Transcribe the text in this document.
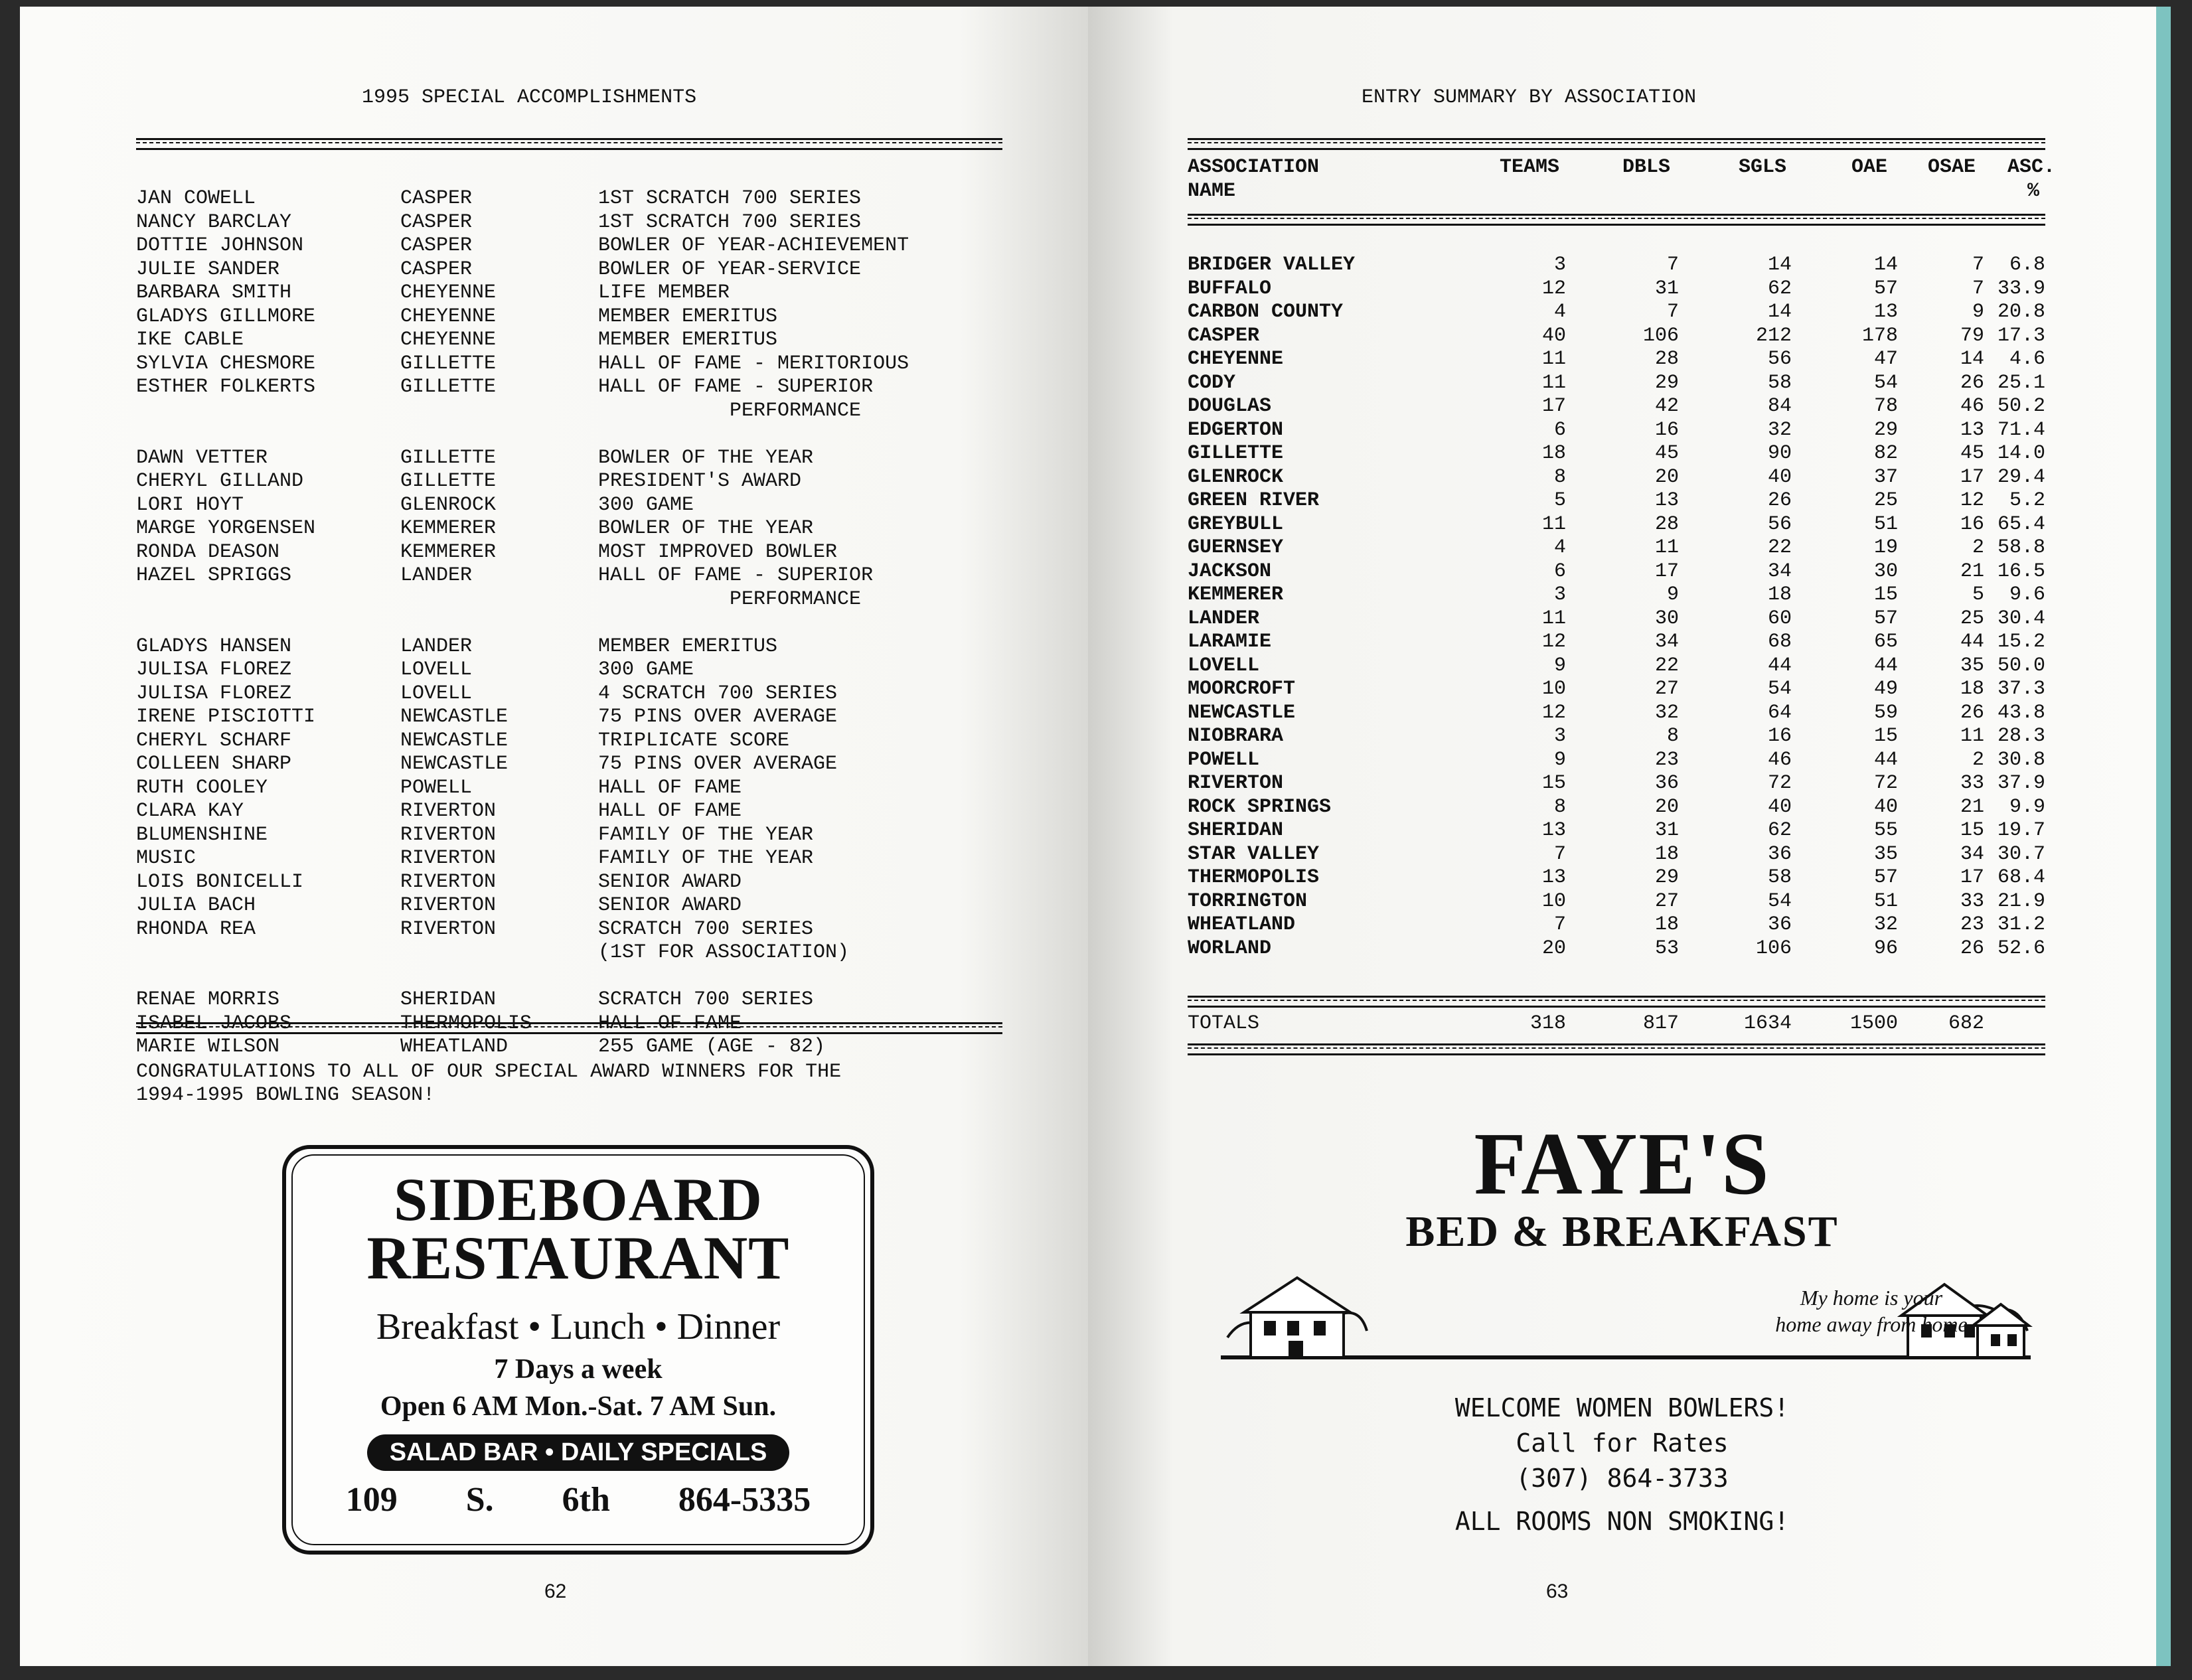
1995 SPECIAL ACCOMPLISHMENTS
JAN COWELL	CASPER	1ST SCRATCH 700 SERIES
NANCY BARCLAY	CASPER	1ST SCRATCH 700 SERIES
DOTTIE JOHNSON	CASPER	BOWLER OF YEAR-ACHIEVEMENT
JULIE SANDER	CASPER	BOWLER OF YEAR-SERVICE
BARBARA SMITH	CHEYENNE	LIFE MEMBER
GLADYS GILLMORE	CHEYENNE	MEMBER EMERITUS
IKE CABLE	CHEYENNE	MEMBER EMERITUS
SYLVIA CHESMORE	GILLETTE	HALL OF FAME - MERITORIOUS
ESTHER FOLKERTS	GILLETTE	HALL OF FAME - SUPERIOR
PERFORMANCE
DAWN VETTER	GILLETTE	BOWLER OF THE YEAR
CHERYL GILLAND	GILLETTE	PRESIDENT'S AWARD
LORI HOYT	GLENROCK	300 GAME
MARGE YORGENSEN	KEMMERER	BOWLER OF THE YEAR
RONDA DEASON	KEMMERER	MOST IMPROVED BOWLER
HAZEL SPRIGGS	LANDER	HALL OF FAME - SUPERIOR
PERFORMANCE
GLADYS HANSEN	LANDER	MEMBER EMERITUS
JULISA FLOREZ	LOVELL	300 GAME
JULISA FLOREZ	LOVELL	4 SCRATCH 700 SERIES
IRENE PISCIOTTI	NEWCASTLE	75 PINS OVER AVERAGE
CHERYL SCHARF	NEWCASTLE	TRIPLICATE SCORE
COLLEEN SHARP	NEWCASTLE	75 PINS OVER AVERAGE
RUTH COOLEY	POWELL	HALL OF FAME
CLARA KAY	RIVERTON	HALL OF FAME
BLUMENSHINE	RIVERTON	FAMILY OF THE YEAR
MUSIC	RIVERTON	FAMILY OF THE YEAR
LOIS BONICELLI	RIVERTON	SENIOR AWARD
JULIA BACH	RIVERTON	SENIOR AWARD
RHONDA REA	RIVERTON	SCRATCH 700 SERIES
(1ST FOR ASSOCIATION)
RENAE MORRIS	SHERIDAN	SCRATCH 700 SERIES
ISABEL JACOBS	THERMOPOLIS	HALL OF FAME
MARIE WILSON	WHEATLAND	255 GAME (AGE - 82)
CONGRATULATIONS TO ALL OF OUR SPECIAL AWARD WINNERS FOR THE
1994-1995 BOWLING SEASON!
SIDEBOARD
RESTAURANT
Breakfast • Lunch • Dinner
7 Days a week
Open 6 AM Mon.-Sat. 7 AM Sun.
SALAD BAR • DAILY SPECIALS
109 S. 6th 864-5335
62
ENTRY SUMMARY BY ASSOCIATION
ASSOCIATION
NAME
TEAMS	DBLS	SGLS	OAE OSAE ASC.
%
BRIDGER VALLEY	3	7	14	14	7	6.8
BUFFALO	12	31	62	57	7 33.9
CARBON COUNTY	4	7	14	13	9 20.8
CASPER	40	106	212	178	79 17.3
CHEYENNE	11	28	56	47	14	4.6
CODY	11	29	58	54	26 25.1
DOUGLAS	17	42	84	78	46 50.2
EDGERTON	6	16	32	29	13 71.4
GILLETTE	18	45	90	82	45 14.0
GLENROCK	8	20	40	37	17 29.4
GREEN RIVER	5	13	26	25	12	5.2
GREYBULL	11	28	56	51	16 65.4
GUERNSEY	4	11	22	19	2 58.8
JACKSON	6	17	34	30	21 16.5
KEMMERER	3	9	18	15	5	9.6
LANDER	11	30	60	57	25 30.4
LARAMIE	12	34	68	65	44 15.2
LOVELL	9	22	44	44	35 50.0
MOORCROFT	10	27	54	49	18 37.3
NEWCASTLE	12	32	64	59	26 43.8
NIOBRARA	3	8	16	15	11 28.3
POWELL	9	23	46	44	2 30.8
RIVERTON	15	36	72	72	33 37.9
ROCK SPRINGS	8	20	40	40	21	9.9
SHERIDAN	13	31	62	55	15 19.7
STAR VALLEY	7	18	36	35	34 30.7
THERMOPOLIS	13	29	58	57	17 68.4
TORRINGTON	10	27	54	51	33 21.9
WHEATLAND	7	18	36	32	23 31.2
WORLAND	20	53	106	96	26 52.6
TOTALS	318	817	1634	1500	682
FAYE'S
BED & BREAKFAST
My home is your
home away from home
WELCOME WOMEN BOWLERS!
Call for Rates
(307) 864-3733
ALL ROOMS NON SMOKING!
63
